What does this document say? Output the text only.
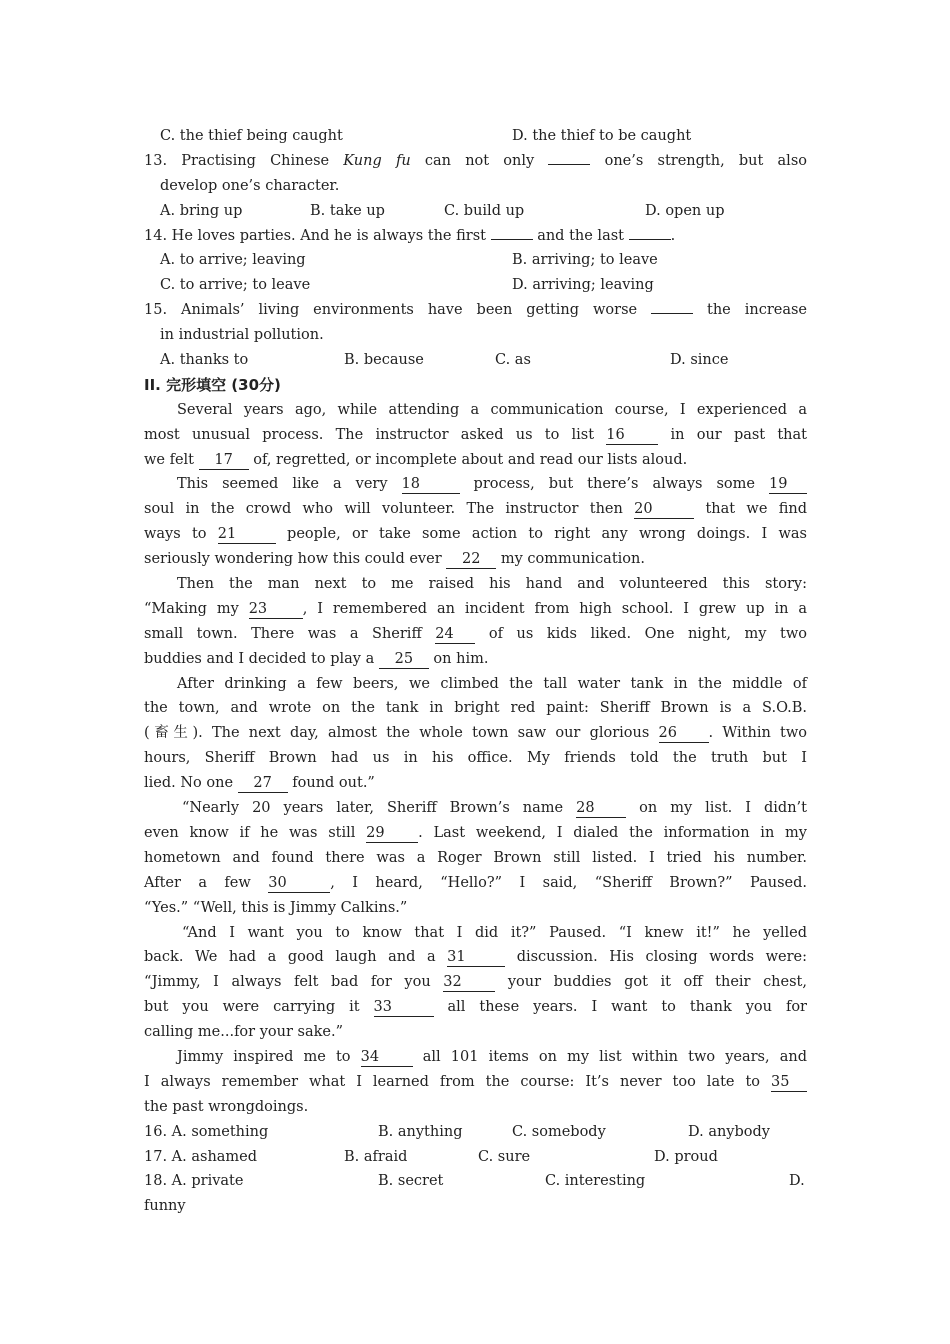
C. the thief being caught	D. the thief to be caught
13. Practising Chinese Kung fu can not only	one’s strength, but also
develop one’s character.
A. bring up	B. take up	C. build up	D. open up
14. He loves parties. And he is always the first	and the last	.
A. to arrive; leaving	B. arriving; to leave
C. to arrive; to leave	D. arriving; leaving
15. Animals’ living environments have been getting worse	the increase
in industrial pollution.
A. thanks to	B. because	C. as	D. since
II. 完形填空 (30分)
Several years ago, while attending a communication course, I experienced a
most unusual process. The instructor asked us to list 16 in our past that
we felt 17 of, regretted, or incomplete about and read our lists aloud.
This seemed like a very 18	process, but there’s always some 19
soul in the crowd who will volunteer. The instructor then 20	that we find
ways to 21	people, or take some action to right any wrong doings. I was
seriously wondering how this could ever 22 my communication.
Then the man next to me raised his hand and volunteered this story:
“Making my 23 , I remembered an incident from high school. I grew up in a
small town. There was a Sheriff 24 of us kids liked. One night, my two
buddies and I decided to play a 25 on him.
After drinking a few beers, we climbed the tall water tank in the middle of
the town, and wrote on the tank in bright red paint: Sheriff Brown is a S.O.B.
(畜生). The next day, almost the whole town saw our glorious 26 . Within two
hours, Sheriff Brown had us in his office. My friends told the truth but I
lied. No one 27 found out.”
“Nearly 20 years later, Sheriff Brown’s name 28 on my list. I didn’t
even know if he was still 29 . Last weekend, I dialed the information in my
hometown and found there was a Roger Brown still listed. I tried his number.
After a few 30	, I heard, “Hello?” I said, “Sheriff Brown?” Paused.
“Yes.” “Well, this is Jimmy Calkins.”
“And I want you to know that I did it?” Paused. “I knew it!” he yelled
back. We had a good laugh and a 31	discussion. His closing words were:
“Jimmy, I always felt bad for you 32 your buddies got it off their chest,
but you were carrying it 33	all these years. I want to thank you for
calling me...for your sake.”
Jimmy inspired me to 34 all 101 items on my list within two years, and
I always remember what I learned from the course: It’s never too late to 35
the past wrongdoings.
16. A. something	B. anything	C. somebody	D. anybody
17. A. ashamed	B. afraid	C. sure	D. proud
18. A. private	B. secret	C. interesting	D.
funny
